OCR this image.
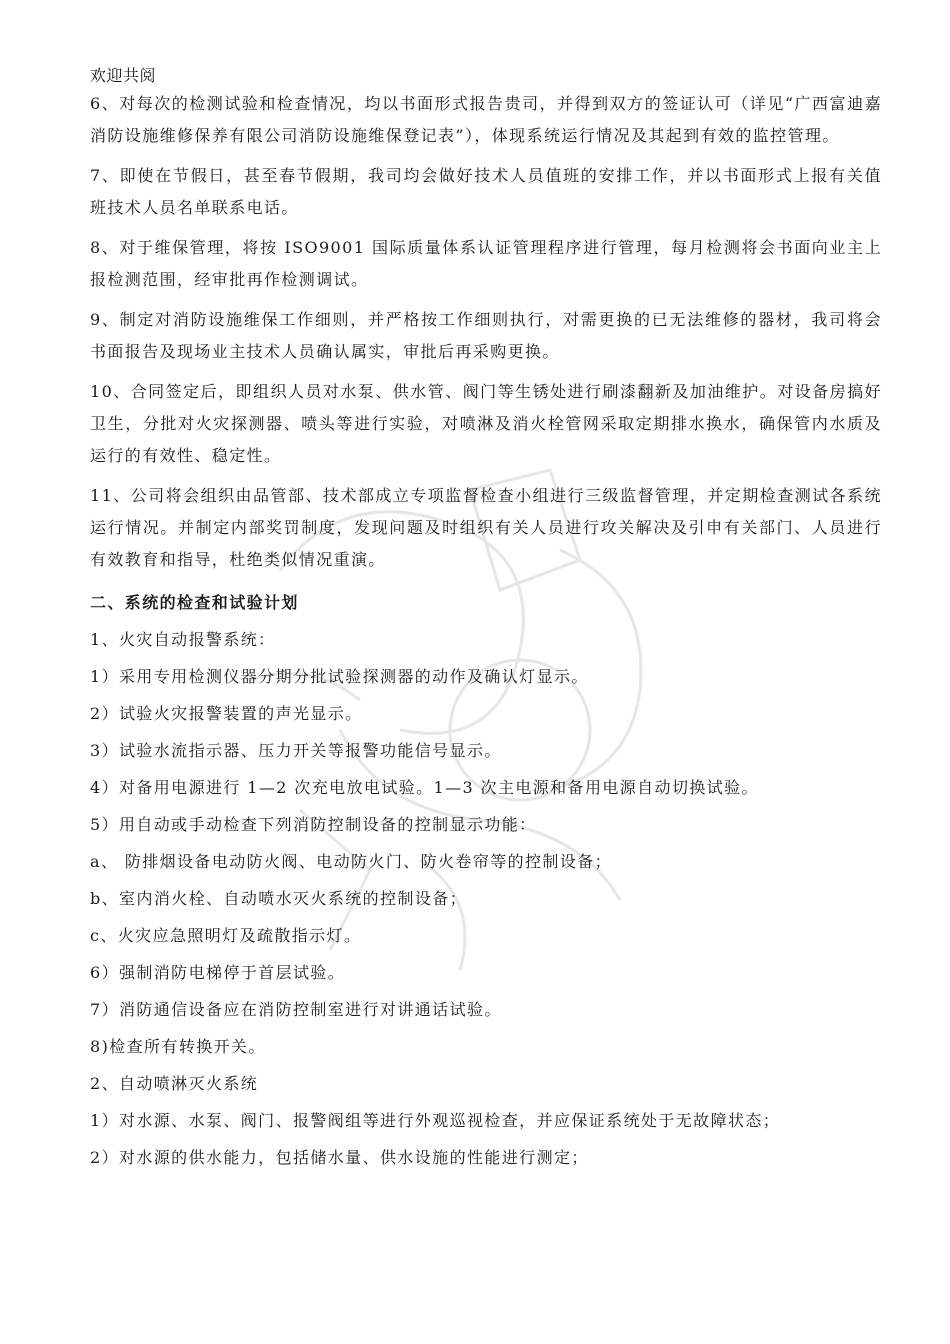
欢迎共阅

6、对每次的检测试验和检查情况，均以书面形式报告贵司，并得到双方的签证认可（详见“广西富迪嘉消防设施维修保养有限公司消防设施维保登记表”），体现系统运行情况及其起到有效的监控管理。

7、即使在节假日，甚至春节假期，我司均会做好技术人员值班的安排工作，并以书面形式上报有关值班技术人员名单联系电话。

8、对于维保管理，将按 ISO9001 国际质量体系认证管理程序进行管理，每月检测将会书面向业主上报检测范围，经审批再作检测调试。

9、制定对消防设施维保工作细则，并严格按工作细则执行，对需更换的已无法维修的器材，我司将会书面报告及现场业主技术人员确认属实，审批后再采购更换。

10、合同签定后，即组织人员对水泵、供水管、阀门等生锈处进行刷漆翻新及加油维护。对设备房搞好卫生，分批对火灾探测器、喷头等进行实验，对喷淋及消火栓管网采取定期排水换水，确保管内水质及运行的有效性、稳定性。

11、公司将会组织由品管部、技术部成立专项监督检查小组进行三级监督管理，并定期检查测试各系统运行情况。并制定内部奖罚制度，发现问题及时组织有关人员进行攻关解决及引申有关部门、人员进行有效教育和指导，杜绝类似情况重演。

二、系统的检查和试验计划

1、火灾自动报警系统：

1）采用专用检测仪器分期分批试验探测器的动作及确认灯显示。

2）试验火灾报警装置的声光显示。

3）试验水流指示器、压力开关等报警功能信号显示。

4）对备用电源进行 1—2 次充电放电试验。1—3 次主电源和备用电源自动切换试验。

5）用自动或手动检查下列消防控制设备的控制显示功能：

a、 防排烟设备电动防火阀、电动防火门、防火卷帘等的控制设备；

b、室内消火栓、自动喷水灭火系统的控制设备；

c、火灾应急照明灯及疏散指示灯。

6）强制消防电梯停于首层试验。

7）消防通信设备应在消防控制室进行对讲通话试验。

8)检查所有转换开关。

2、自动喷淋灭火系统

1）对水源、水泵、阀门、报警阀组等进行外观巡视检查，并应保证系统处于无故障状态；

2）对水源的供水能力，包括储水量、供水设施的性能进行测定；
